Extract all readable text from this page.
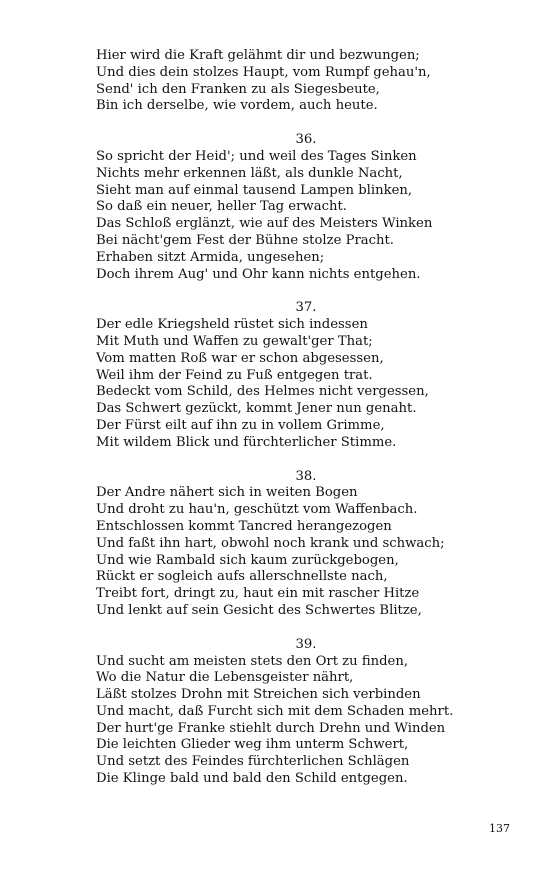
Hier wird die Kraft gelähmt dir und bezwungen;
Und dies dein stolzes Haupt, vom Rumpf gehau'n,
Send' ich den Franken zu als Siegesbeute,
Bin ich derselbe, wie vordem, auch heute.
36.
So spricht der Heid'; und weil des Tages Sinken
Nichts mehr erkennen läßt, als dunkle Nacht,
Sieht man auf einmal tausend Lampen blinken,
So daß ein neuer, heller Tag erwacht.
Das Schloß erglänzt, wie auf des Meisters Winken
Bei nächt'gem Fest der Bühne stolze Pracht.
Erhaben sitzt Armida, ungesehen;
Doch ihrem Aug' und Ohr kann nichts entgehen.
37.
Der edle Kriegsheld rüstet sich indessen
Mit Muth und Waffen zu gewalt'ger That;
Vom matten Roß war er schon abgesessen,
Weil ihm der Feind zu Fuß entgegen trat.
Bedeckt vom Schild, des Helmes nicht vergessen,
Das Schwert gezückt, kommt Jener nun genaht.
Der Fürst eilt auf ihn zu in vollem Grimme,
Mit wildem Blick und fürchterlicher Stimme.
38.
Der Andre nähert sich in weiten Bogen
Und droht zu hau'n, geschützt vom Waffenbach.
Entschlossen kommt Tancred herangezogen
Und faßt ihn hart, obwohl noch krank und schwach;
Und wie Rambald sich kaum zurückgebogen,
Rückt er sogleich aufs allerschnellste nach,
Treibt fort, dringt zu, haut ein mit rascher Hitze
Und lenkt auf sein Gesicht des Schwertes Blitze,
39.
Und sucht am meisten stets den Ort zu finden,
Wo die Natur die Lebensgeister nährt,
Läßt stolzes Drohn mit Streichen sich verbinden
Und macht, daß Furcht sich mit dem Schaden mehrt.
Der hurt'ge Franke stiehlt durch Drehn und Winden
Die leichten Glieder weg ihm unterm Schwert,
Und setzt des Feindes fürchterlichen Schlägen
Die Klinge bald und bald den Schild entgegen.
137
